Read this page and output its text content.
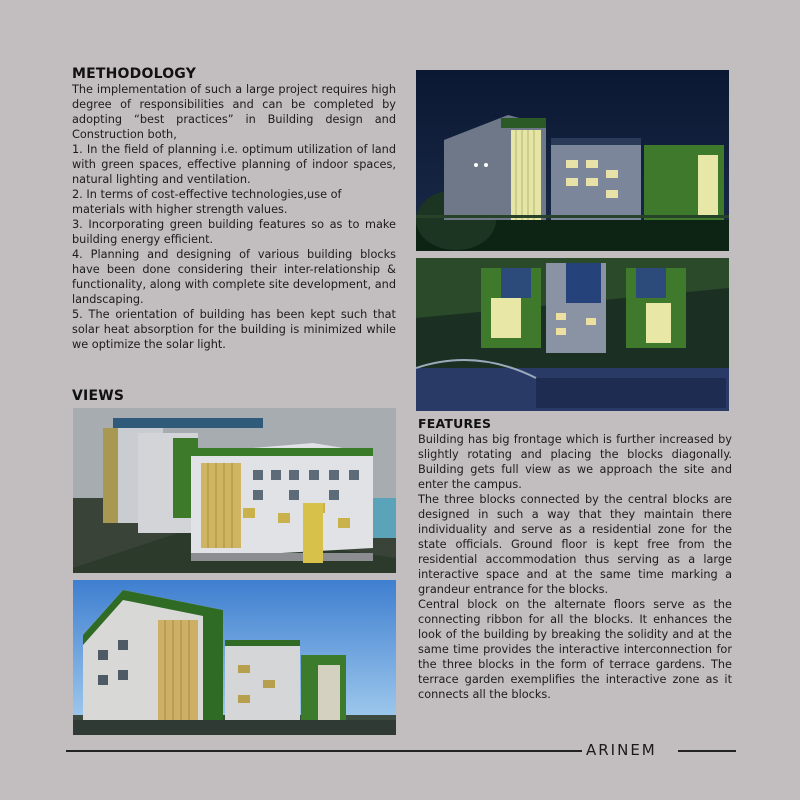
METHODOLOGY

The implementation of such a large project requires high degree of responsibilities and can be completed by adopting “best practices” in Building design and Construction both,

1. In the field of planning i.e. optimum utilization of land with green spaces, effective planning of indoor spaces, natural lighting and ventilation.

2. In terms of cost-effective technologies,use of materials with higher strength values.

3. Incorporating green building features so as to make building energy efficient.

4. Planning and designing of various building blocks have been done considering their inter-relationship & functionality, along with complete site development, and landscaping.

5. The orientation of building has been kept such that solar heat absorption for the building is minimized while we optimize the solar light.

VIEWS
FEATURES

Building has big frontage which is further increased by slightly rotating and placing the blocks diagonally. Building gets full view as we approach the site and enter the campus.

The three blocks connected by the central blocks are designed in such a way that they maintain there individuality and serve as a residential zone for the state officials. Ground floor is kept free from the residential accommodation thus serving as a large interactive space and at the same time marking a grandeur entrance for the blocks.

Central block on the alternate floors serve as the connecting ribbon for all the blocks. It enhances the look of the building by breaking the solidity and at the same time provides the interactive interconnection for the three blocks in the form of terrace gardens. The terrace garden exemplifies the interactive zone as it connects all the blocks.

ARINEM
